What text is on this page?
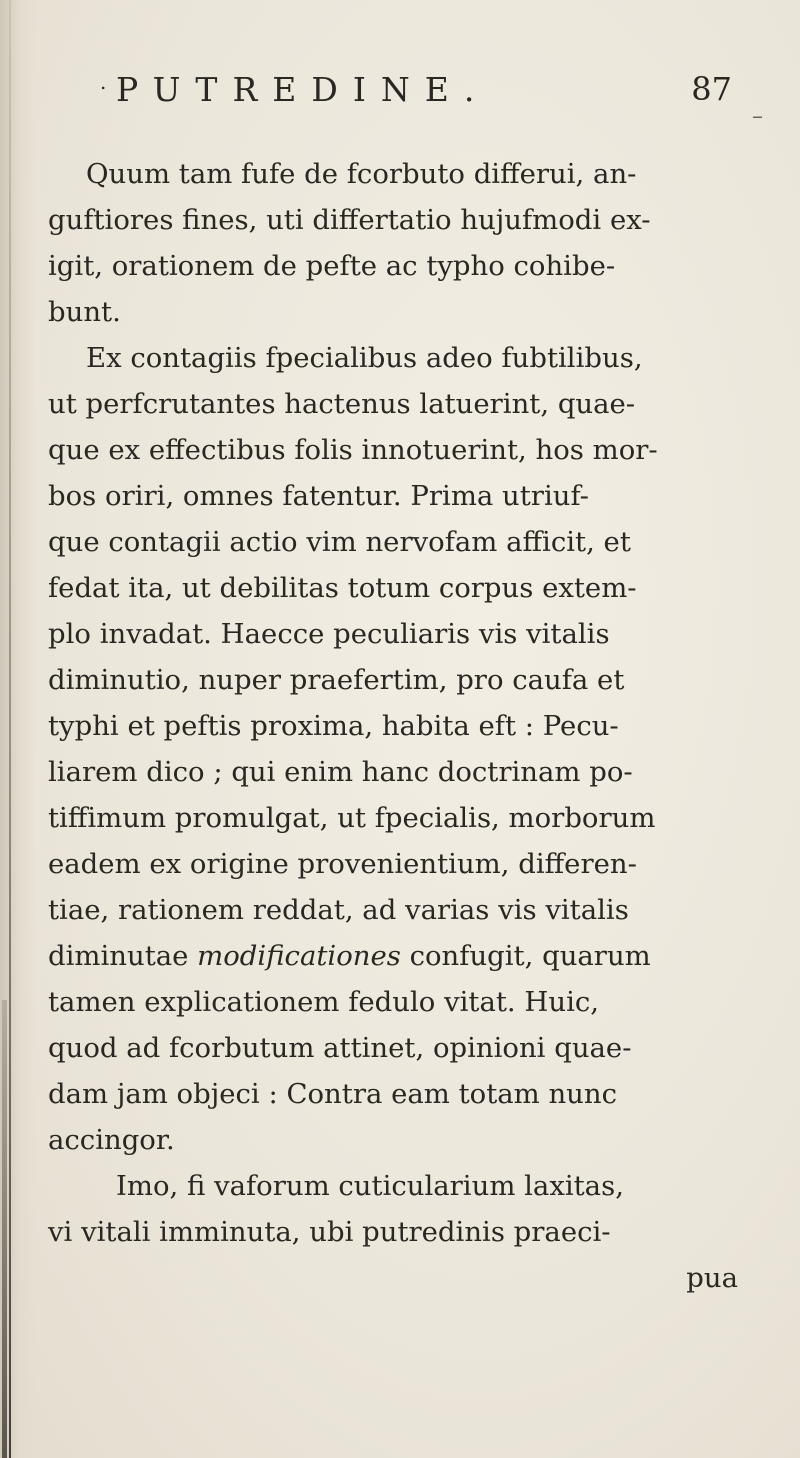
. PUTREDINE.	87
–
Quum tam fufe de fcorbuto differui, an-
guftiores fines, uti differtatio hujufmodi ex-
igit, orationem de pefte ac typho cohibe-
bunt.
Ex contagiis fpecialibus adeo fubtilibus,
ut perfcrutantes hactenus latuerint, quae-
que ex effectibus folis innotuerint, hos mor-
bos oriri, omnes fatentur. Prima utriuf-
que contagii actio vim nervofam afficit, et
fedat ita, ut debilitas totum corpus extem-
plo invadat. Haecce peculiaris vis vitalis
diminutio, nuper praefertim, pro caufa et
typhi et peftis proxima, habita eft : Pecu-
liarem dico ; qui enim hanc doctrinam po-
tiffimum promulgat, ut fpecialis, morborum
eadem ex origine provenientium, differen-
tiae, rationem reddat, ad varias vis vitalis
diminutae modificationes confugit, quarum
tamen explicationem fedulo vitat. Huic,
quod ad fcorbutum attinet, opinioni quae-
dam jam objeci : Contra eam totam nunc
accingor.
Imo, fi vaforum cuticularium laxitas,
vi vitali imminuta, ubi putredinis praeci-
pua
